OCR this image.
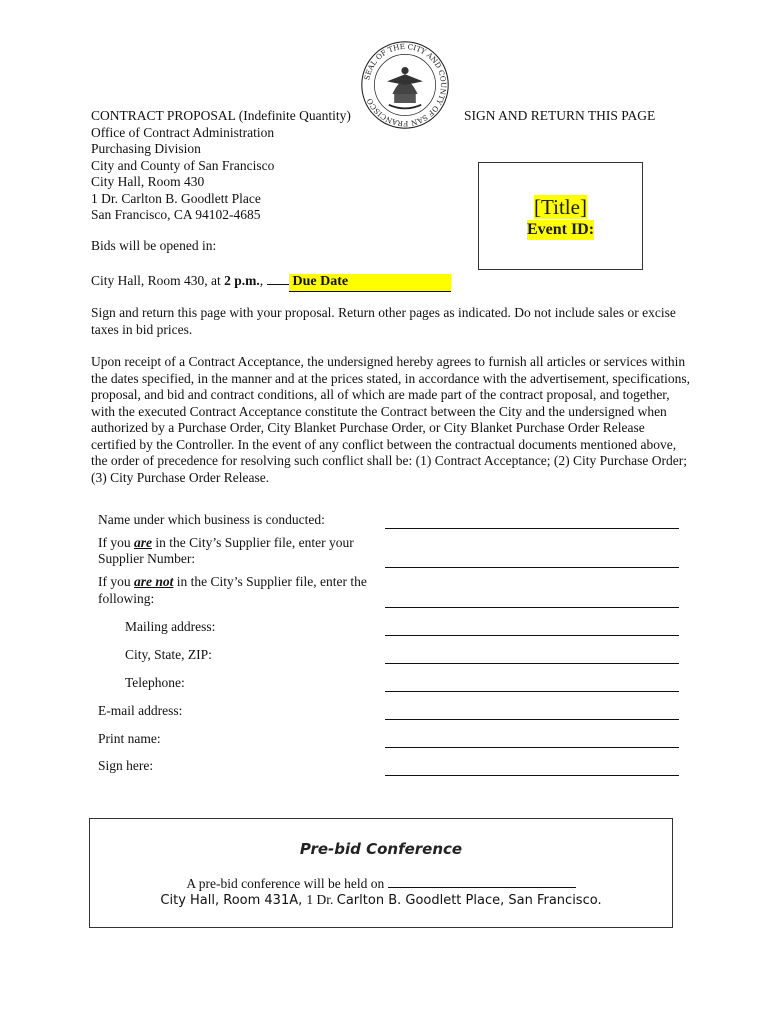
SEAL OF THE CITY AND COUNTY OF SAN FRANCISCO
CONTRACT PROPOSAL (Indefinite Quantity)
Office of Contract Administration
Purchasing Division
City and County of San Francisco
City Hall, Room 430
1 Dr. Carlton B. Goodlett Place
San Francisco, CA 94102-4685
SIGN AND RETURN THIS PAGE
[Title]
Event ID:
Bids will be opened in:
City Hall, Room 430, at 2 p.m., Due Date
Sign and return this page with your proposal. Return other pages as indicated. Do not include sales or excise taxes in bid prices.
Upon receipt of a Contract Acceptance, the undersigned hereby agrees to furnish all articles or services within the dates specified, in the manner and at the prices stated, in accordance with the advertisement, specifications, proposal, and bid and contract conditions, all of which are made part of the contract proposal, and together, with the executed Contract Acceptance constitute the Contract between the City and the undersigned when authorized by a Purchase Order, City Blanket Purchase Order, or City Blanket Purchase Order Release certified by the Controller. In the event of any conflict between the contractual documents mentioned above, the order of precedence for resolving such conflict shall be: (1) Contract Acceptance; (2) City Purchase Order; (3) City Purchase Order Release.
Name under which business is conducted:
If you are in the City’s Supplier file, enter your
Supplier Number:
If you are not in the City’s Supplier file, enter the
following:
Mailing address:
City, State, ZIP:
Telephone:
E-mail address:
Print name:
Sign here:
Pre-bid Conference
A pre-bid conference will be held on
City Hall, Room 431A, 1 Dr. Carlton B. Goodlett Place, San Francisco.
